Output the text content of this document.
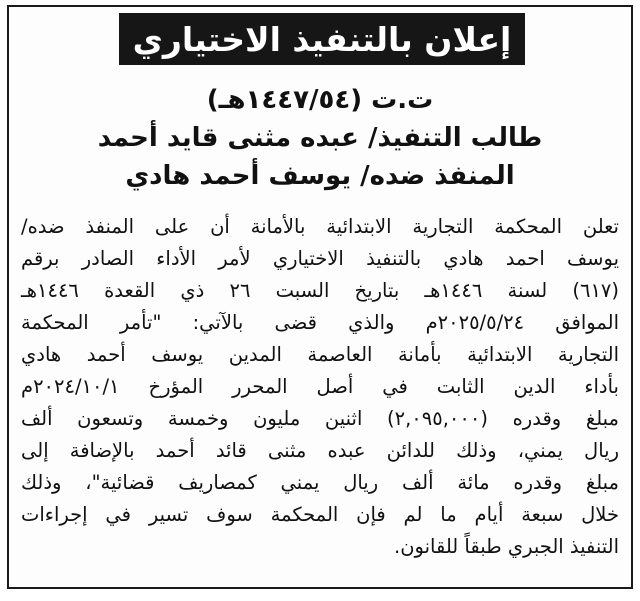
إعلان بالتنفيذ الاختياري
ت.ت (١٤٤٧/٥٤هـ)
طالب التنفيذ/ عبده مثنى قايد أحمد
المنفذ ضده/ يوسف أحمد هادي
تعلن المحكمة التجارية الابتدائية بالأمانة أن على المنفذ ضده/
يوسف احمد هادي بالتنفيذ الاختياري لأمر الأداء الصادر برقم
(٦١٧) لسنة ١٤٤٦هـ بتاريخ السبت ٢٦ ذي القعدة ١٤٤٦هـ
الموافق ٢٠٢٥/٥/٢٤م والذي قضى بالآتي: "تأمر المحكمة
التجارية الابتدائية بأمانة العاصمة المدين يوسف أحمد هادي
بأداء الدين الثابت في أصل المحرر المؤرخ ٢٠٢٤/١٠/١م
مبلغ وقدره (٢,٠٩٥,٠٠٠) اثنين مليون وخمسة وتسعون ألف
ريال يمني، وذلك للدائن عبده مثنى قائد أحمد بالإضافة إلى
مبلغ وقدره مائة ألف ريال يمني كمصاريف قضائية"، وذلك
خلال سبعة أيام ما لم فإن المحكمة سوف تسير في إجراءات
التنفيذ الجبري طبقاً للقانون.
